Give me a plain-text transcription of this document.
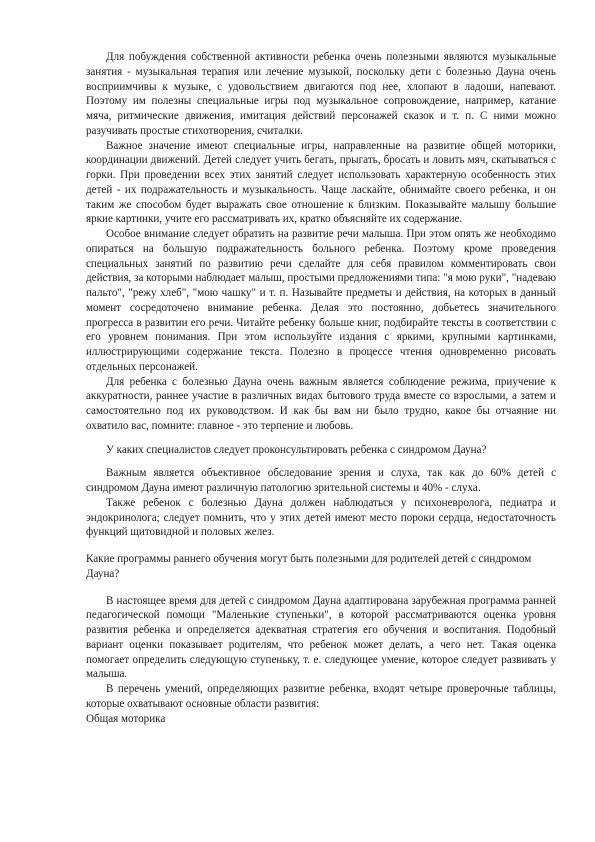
Для побуждения собственной активности ребенка очень полезными являются музыкальные занятия - музыкальная терапия или лечение музыкой, поскольку дети с болезнью Дауна очень восприимчивы к музыке, с удовольствием двигаются под нее, хлопают в ладоши, напевают. Поэтому им полезны специальные игры под музыкальное сопровождение, например, катание мяча, ритмические движения, имитация действий персонажей сказок и т. п. С ними можно разучивать простые стихотворения, считалки.

Важное значение имеют специальные игры, направленные на развитие общей моторики, координации движений. Детей следует учить бегать, прыгать, бросать и ловить мяч, скатываться с горки. При проведении всех этих занятий следует использовать характерную особенность этих детей - их подражательность и музыкальность. Чаще ласкайте, обнимайте своего ребенка, и он таким же способом будет выражать свое отношение к близким. Показывайте малышу большие яркие картинки, учите его рассматривать их, кратко объясняйте их содержание.

Особое внимание следует обратить на развитие речи малыша. При этом опять же необходимо опираться на большую подражательность больного ребенка. Поэтому кроме проведения специальных занятий по развитию речи сделайте для себя правилом комментировать свои действия, за которыми наблюдает малыш, простыми предложениями типа: "я мою руки", "надеваю пальто", "режу хлеб", "мою чашку" и т. п. Называйте предметы и действия, на которых в данный момент сосредоточено внимание ребенка. Делая это постоянно, добьетесь значительного прогресса в развитии его речи. Читайте ребенку больше книг, подбирайте тексты в соответствии с его уровнем понимания. При этом используйте издания с яркими, крупными картинками, иллюстрирующими содержание текста. Полезно в процессе чтения одновременно рисовать отдельных персонажей.

Для ребенка с болезнью Дауна очень важным является соблюдение режима, приучение к аккуратности, раннее участие в различных видах бытового труда вместе со взрослыми, а затем и самостоятельно под их руководством. И как бы вам ни было трудно, какое бы отчаяние ни охватило вас, помните: главное - это терпение и любовь.

У каких специалистов следует проконсультировать ребенка с синдромом Дауна?

Важным является объективное обследование зрения и слуха, так как до 60% детей с синдромом Дауна имеют различную патологию зрительной системы и 40% - слуха.

Также ребенок с болезнью Дауна должен наблюдаться у психоневролога, педиатра и эндокринолога; следует помнить, что у этих детей имеют место пороки сердца, недостаточность функций щитовидной и половых желез.

Какие программы раннего обучения могут быть полезными для родителей детей с синдромом Дауна?

В настоящее время для детей с синдромом Дауна адаптирована зарубежная программа ранней педагогической помощи "Маленькие ступеньки", в которой рассматриваются оценка уровня развития ребенка и определяется адекватная стратегия его обучения и воспитания. Подобный вариант оценки показывает родителям, что ребенок может делать, а чего нет. Такая оценка помогает определить следующую ступеньку, т. е. следующее умение, которое следует развивать у малыша.

В перечень умений, определяющих развитие ребенка, входят четыре проверочные таблицы, которые охватывают основные области развития:

Общая моторика
